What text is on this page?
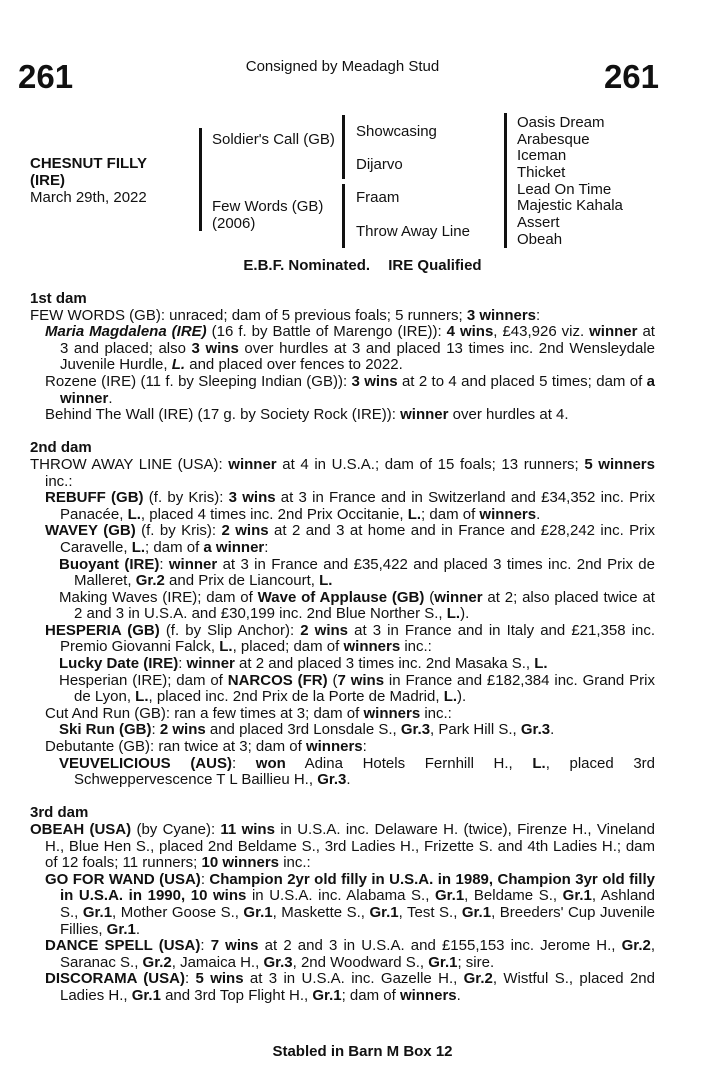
261	Consigned by Meadagh Stud	261
CHESNUT FILLY
(IRE)
March 29th, 2022
Soldier's Call (GB)
Few Words (GB) (2006)
Showcasing
Dijarvo
Fraam
Throw Away Line
Oasis Dream
Arabesque
Iceman
Thicket
Lead On Time
Majestic Kahala
Assert
Obeah
E.B.F. Nominated. IRE Qualified

1st dam

FEW WORDS (GB): unraced; dam of 5 previous foals; 5 runners; 3 winners:

Maria Magdalena (IRE) (16 f. by Battle of Marengo (IRE)): 4 wins, £43,926 viz. winner at 3 and placed; also 3 wins over hurdles at 3 and placed 13 times inc. 2nd Wensleydale Juvenile Hurdle, L. and placed over fences to 2022.

Rozene (IRE) (11 f. by Sleeping Indian (GB)): 3 wins at 2 to 4 and placed 5 times; dam of a winner.

Behind The Wall (IRE) (17 g. by Society Rock (IRE)): winner over hurdles at 4.

2nd dam

THROW AWAY LINE (USA): winner at 4 in U.S.A.; dam of 15 foals; 13 runners; 5 winners inc.:

REBUFF (GB) (f. by Kris): 3 wins at 3 in France and in Switzerland and £34,352 inc. Prix Panacée, L., placed 4 times inc. 2nd Prix Occitanie, L.; dam of winners.

WAVEY (GB) (f. by Kris): 2 wins at 2 and 3 at home and in France and £28,242 inc. Prix Caravelle, L.; dam of a winner:

Buoyant (IRE): winner at 3 in France and £35,422 and placed 3 times inc. 2nd Prix de Malleret, Gr.2 and Prix de Liancourt, L.

Making Waves (IRE); dam of Wave of Applause (GB) (winner at 2; also placed twice at 2 and 3 in U.S.A. and £30,199 inc. 2nd Blue Norther S., L.).

HESPERIA (GB) (f. by Slip Anchor): 2 wins at 3 in France and in Italy and £21,358 inc. Premio Giovanni Falck, L., placed; dam of winners inc.:

Lucky Date (IRE): winner at 2 and placed 3 times inc. 2nd Masaka S., L.

Hesperian (IRE); dam of NARCOS (FR) (7 wins in France and £182,384 inc. Grand Prix de Lyon, L., placed inc. 2nd Prix de la Porte de Madrid, L.).

Cut And Run (GB): ran a few times at 3; dam of winners inc.:

Ski Run (GB): 2 wins and placed 3rd Lonsdale S., Gr.3, Park Hill S., Gr.3.

Debutante (GB): ran twice at 3; dam of winners:

VEUVELICIOUS (AUS): won Adina Hotels Fernhill H., L., placed 3rd Schweppervescence T L Baillieu H., Gr.3.

3rd dam

OBEAH (USA) (by Cyane): 11 wins in U.S.A. inc. Delaware H. (twice), Firenze H., Vineland H., Blue Hen S., placed 2nd Beldame S., 3rd Ladies H., Frizette S. and 4th Ladies H.; dam of 12 foals; 11 runners; 10 winners inc.:

GO FOR WAND (USA): Champion 2yr old filly in U.S.A. in 1989, Champion 3yr old filly in U.S.A. in 1990, 10 wins in U.S.A. inc. Alabama S., Gr.1, Beldame S., Gr.1, Ashland S., Gr.1, Mother Goose S., Gr.1, Maskette S., Gr.1, Test S., Gr.1, Breeders' Cup Juvenile Fillies, Gr.1.

DANCE SPELL (USA): 7 wins at 2 and 3 in U.S.A. and £155,153 inc. Jerome H., Gr.2, Saranac S., Gr.2, Jamaica H., Gr.3, 2nd Woodward S., Gr.1; sire.

DISCORAMA (USA): 5 wins at 3 in U.S.A. inc. Gazelle H., Gr.2, Wistful S., placed 2nd Ladies H., Gr.1 and 3rd Top Flight H., Gr.1; dam of winners.

Stabled in Barn M Box 12
